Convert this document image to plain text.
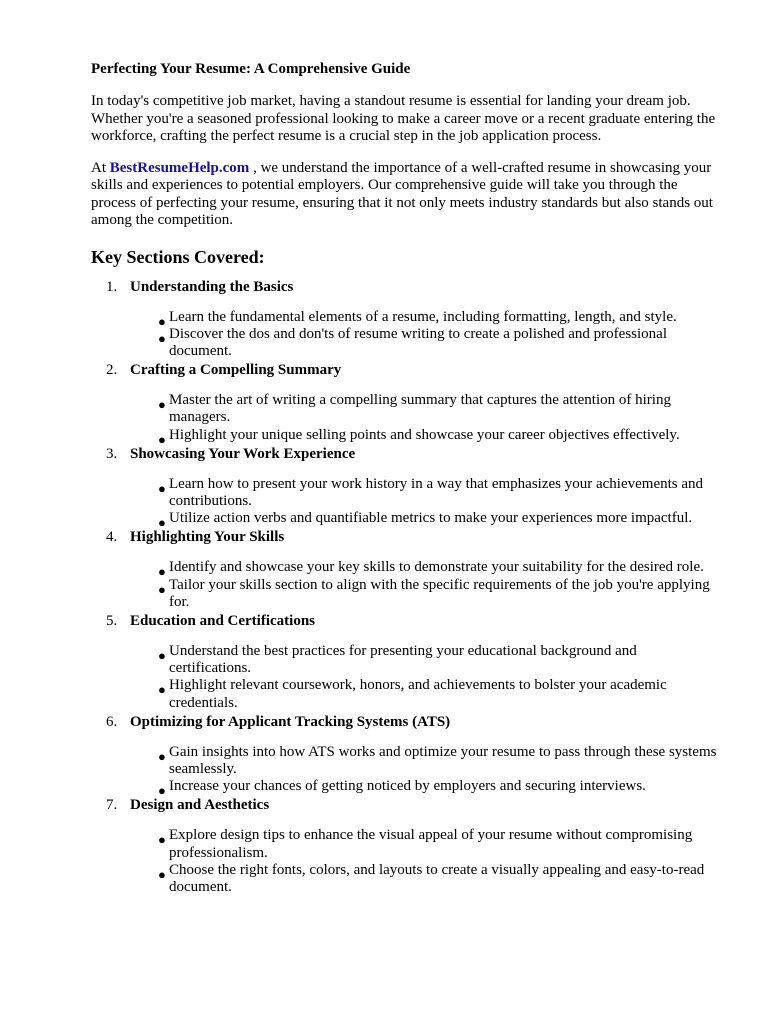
Perfecting Your Resume: A Comprehensive Guide

In today's competitive job market, having a standout resume is essential for landing your dream job. Whether you're a seasoned professional looking to make a career move or a recent graduate entering the workforce, crafting the perfect resume is a crucial step in the job application process.

At BestResumeHelp.com , we understand the importance of a well-crafted resume in showcasing your skills and experiences to potential employers. Our comprehensive guide will take you through the process of perfecting your resume, ensuring that it not only meets industry standards but also stands out among the competition.

Key Sections Covered:
1. Understanding the Basics
● Learn the fundamental elements of a resume, including formatting, length, and style.
● Discover the dos and don'ts of resume writing to create a polished and professional document.
2. Crafting a Compelling Summary
● Master the art of writing a compelling summary that captures the attention of hiring managers.
● Highlight your unique selling points and showcase your career objectives effectively.
3. Showcasing Your Work Experience
● Learn how to present your work history in a way that emphasizes your achievements and contributions.
● Utilize action verbs and quantifiable metrics to make your experiences more impactful.
4. Highlighting Your Skills
● Identify and showcase your key skills to demonstrate your suitability for the desired role.
● Tailor your skills section to align with the specific requirements of the job you're applying for.
5. Education and Certifications
● Understand the best practices for presenting your educational background and certifications.
● Highlight relevant coursework, honors, and achievements to bolster your academic credentials.
6. Optimizing for Applicant Tracking Systems (ATS)
● Gain insights into how ATS works and optimize your resume to pass through these systems seamlessly.
● Increase your chances of getting noticed by employers and securing interviews.
7. Design and Aesthetics
● Explore design tips to enhance the visual appeal of your resume without compromising professionalism.
● Choose the right fonts, colors, and layouts to create a visually appealing and easy-to-read document.
